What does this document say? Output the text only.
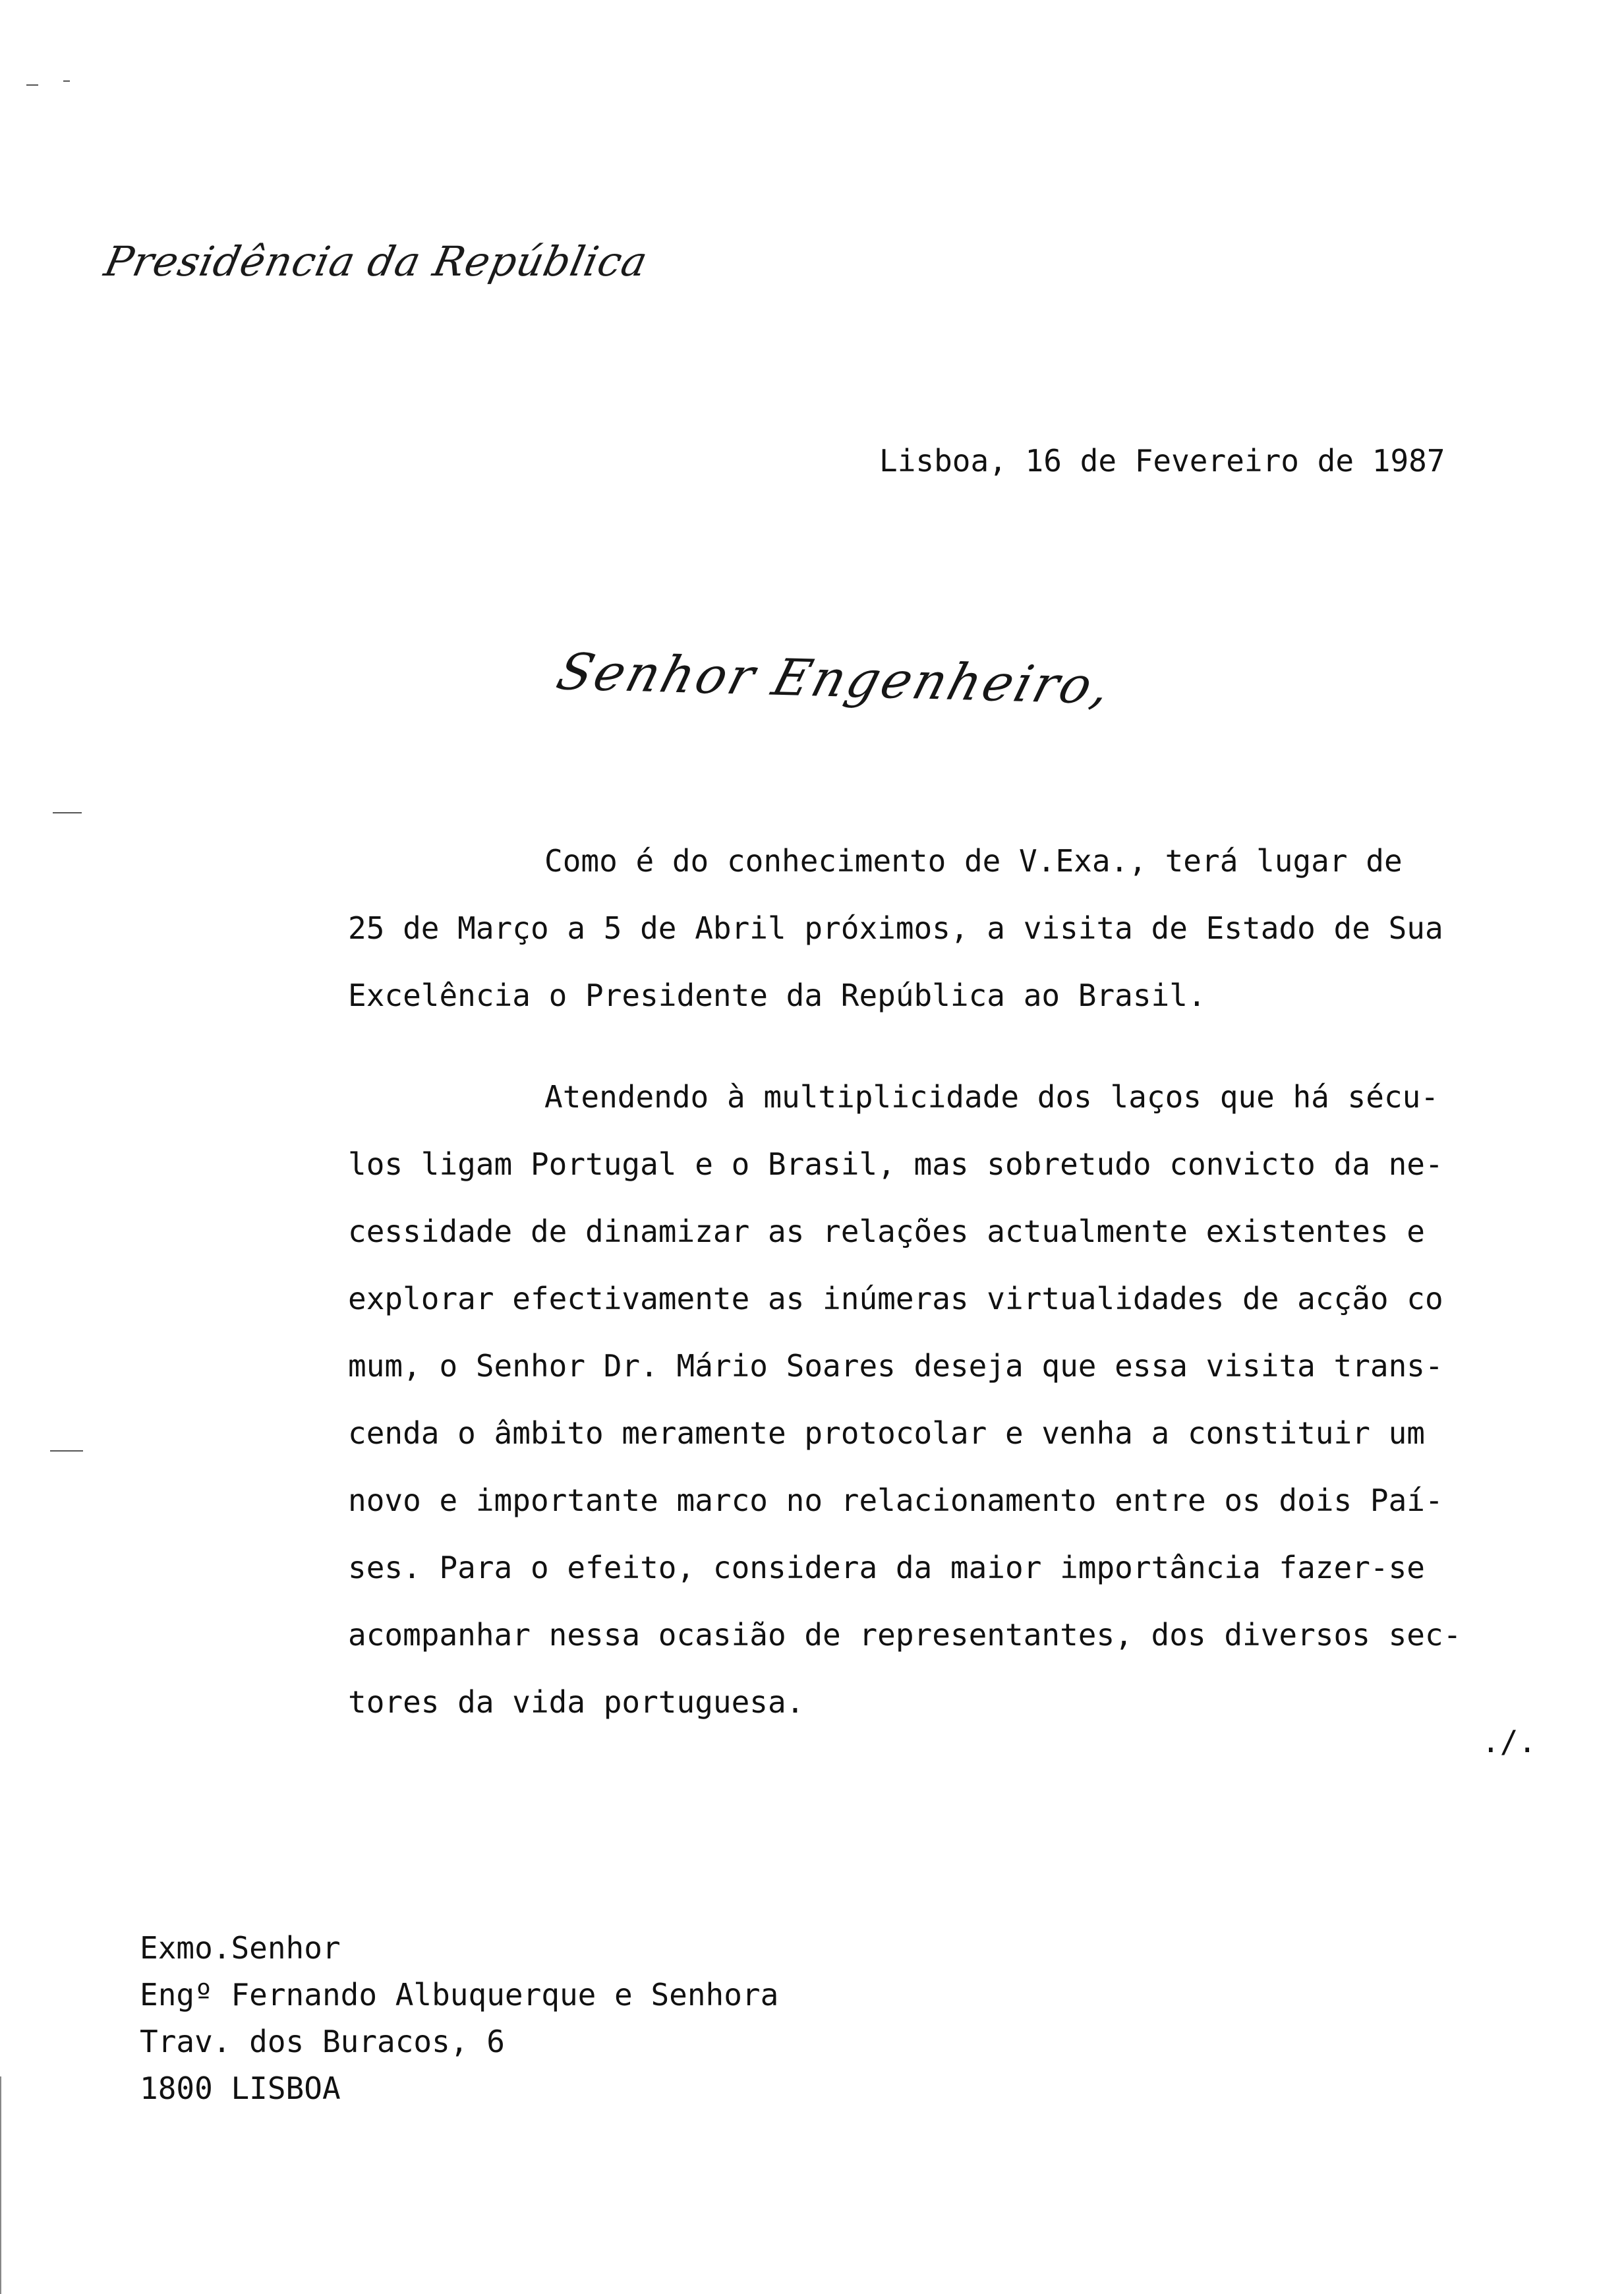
Presidência da República
Lisboa, 16 de Fevereiro de 1987
Senhor Engenheiro,
Como é do conhecimento de V.Exa., terá lugar de
25 de Março a 5 de Abril próximos, a visita de Estado de Sua
Excelência o Presidente da República ao Brasil.
Atendendo à multiplicidade dos laços que há sécu-
los ligam Portugal e o Brasil, mas sobretudo convicto da ne-
cessidade de dinamizar as relações actualmente existentes e
explorar efectivamente as inúmeras virtualidades de acção co
mum, o Senhor Dr. Mário Soares deseja que essa visita trans-
cenda o âmbito meramente protocolar e venha a constituir um
novo e importante marco no relacionamento entre os dois Paí-
ses. Para o efeito, considera da maior importância fazer-se
acompanhar nessa ocasião de representantes, dos diversos sec-
tores da vida portuguesa.
./.
Exmo.Senhor
Engº Fernando Albuquerque e Senhora
Trav. dos Buracos, 6
1800 LISBOA
